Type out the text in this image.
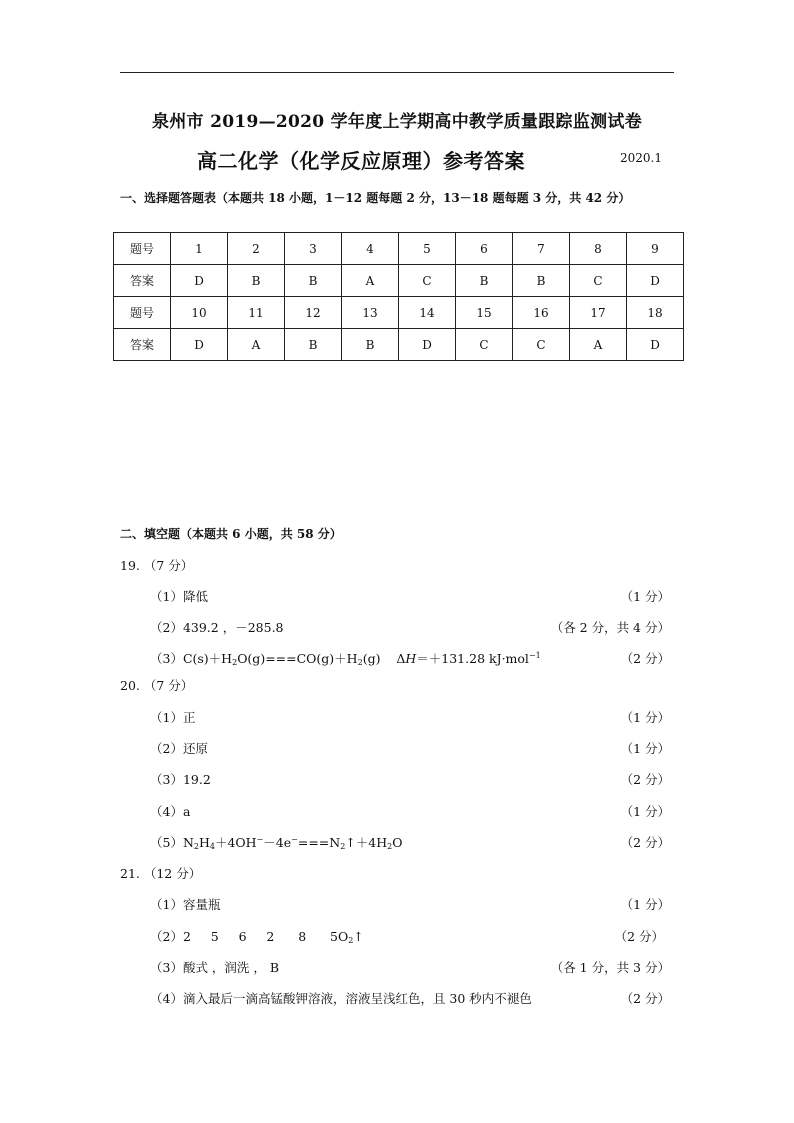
泉州市 2019—2020 学年度上学期高中教学质量跟踪监测试卷
高二化学（化学反应原理）参考答案	2020.1
一、选择题答题表（本题共 18 小题，1－12 题每题 2 分，13－18 题每题 3 分，共 42 分）
题号	1	2	3	4	5	6	7	8	9
答案	D	B	B	A	C	B	B	C	D
题号	10	11	12	13	14	15	16	17	18
答案	D	A	B	B	D	C	C	A	D
二、填空题（本题共 6 小题，共 58 分）
19. （7 分）
（1）降低	（1 分）
（2）439.2 ，－285.8	（各 2 分，共 4 分）
$(3)C(s)+H_2O(g)===CO(g)+H_2(g)$    ΔH＝＋131.28 kJ·mol$^{-1}$	（2 分）
20. （7 分）
（1）正	（1 分）
（2）还原	（1 分）
（3）19.2	（2 分）
（4）a	（1 分）
$(5)N_2H_4+4OH^--4e^-===N_2↑+4H_2O$	（2 分）
21. （12 分）
（1）容量瓶	（1 分）
（2）2     5     6     2      8      $5O_2↑$	（2 分）
（3）酸式 ，润洗 ， B	（各 1 分，共 3 分）
（4）滴入最后一滴高锰酸钾溶液，溶液呈浅红色，且 30 秒内不褪色	（2 分）
